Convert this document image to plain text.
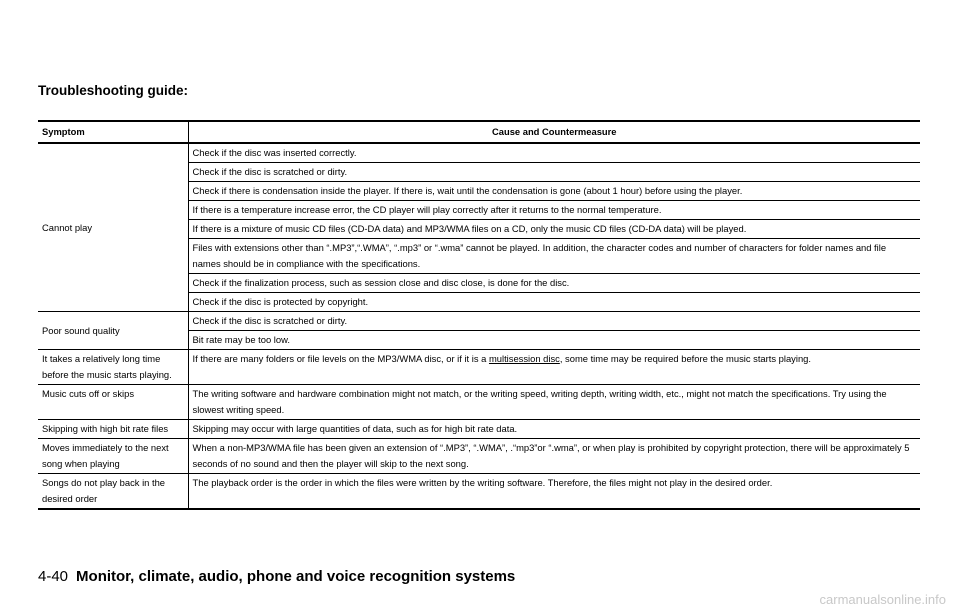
Troubleshooting guide:
Symptom	Cause and Countermeasure
Cannot play	Check if the disc was inserted correctly.
	Check if the disc is scratched or dirty.
	Check if there is condensation inside the player. If there is, wait until the condensation is gone (about 1 hour) before using the player.
	If there is a temperature increase error, the CD player will play correctly after it returns to the normal temperature.
	If there is a mixture of music CD files (CD-DA data) and MP3/WMA files on a CD, only the music CD files (CD-DA data) will be played.
	Files with extensions other than “.MP3”,“.WMA”, “.mp3” or “.wma” cannot be played. In addition, the character codes and number of characters for folder names and file names should be in compliance with the specifications.
	Check if the finalization process, such as session close and disc close, is done for the disc.
	Check if the disc is protected by copyright.
Poor sound quality	Check if the disc is scratched or dirty.
	Bit rate may be too low.
It takes a relatively long time before the music starts playing.	If there are many folders or file levels on the MP3/WMA disc, or if it is a multisession disc, some time may be required before the music starts playing.
Music cuts off or skips	The writing software and hardware combination might not match, or the writing speed, writing depth, writing width, etc., might not match the specifications. Try using the slowest writing speed.
Skipping with high bit rate files	Skipping may occur with large quantities of data, such as for high bit rate data.
Moves immediately to the next song when playing	When a non-MP3/WMA file has been given an extension of “.MP3”, “.WMA”, .“mp3”or “.wma”, or when play is prohibited by copyright protection, there will be approximately 5 seconds of no sound and then the player will skip to the next song.
Songs do not play back in the desired order	The playback order is the order in which the files were written by the writing software. Therefore, the files might not play in the desired order.
4-40 Monitor, climate, audio, phone and voice recognition systems
carmanualsonline.info
